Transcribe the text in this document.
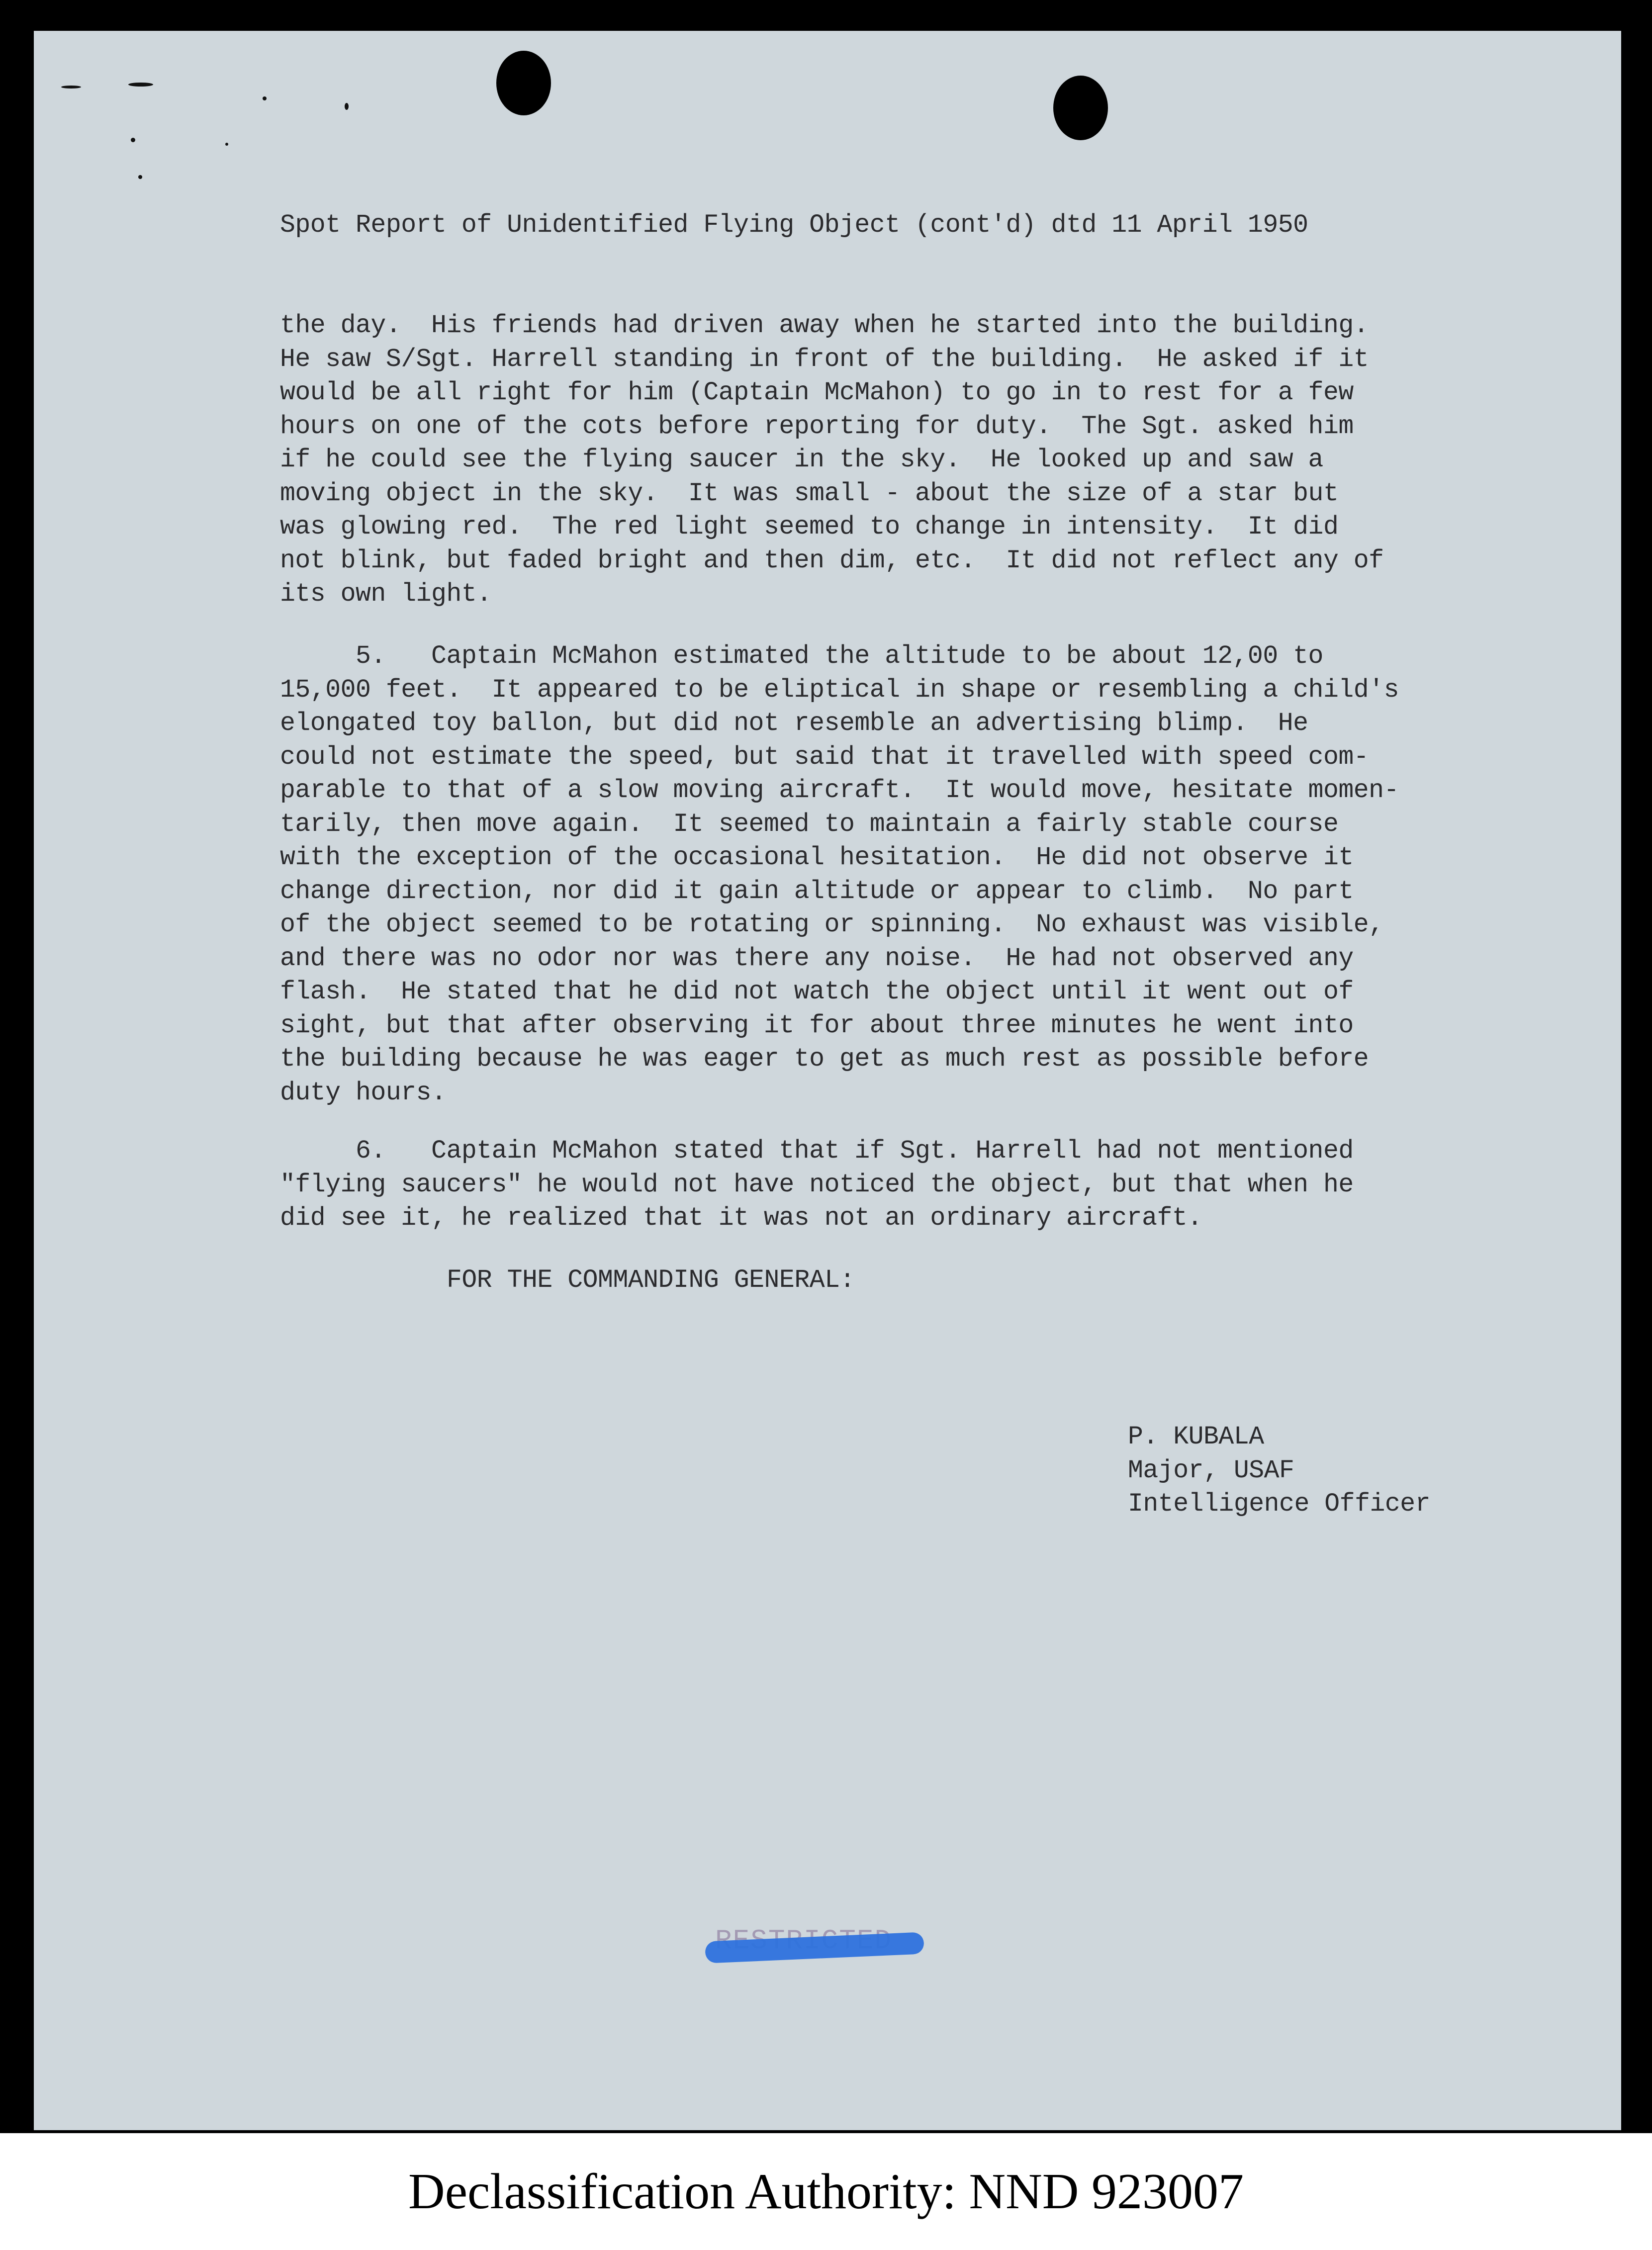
Spot Report of Unidentified Flying Object (cont'd) dtd 11 April 1950

the day.  His friends had driven away when he started into the building.
He saw S/Sgt. Harrell standing in front of the building.  He asked if it
would be all right for him (Captain McMahon) to go in to rest for a few
hours on one of the cots before reporting for duty.  The Sgt. asked him
if he could see the flying saucer in the sky.  He looked up and saw a
moving object in the sky.  It was small - about the size of a star but
was glowing red.  The red light seemed to change in intensity.  It did
not blink, but faded bright and then dim, etc.  It did not reflect any of
its own light.

5.   Captain McMahon estimated the altitude to be about 12,00 to
15,000 feet.  It appeared to be eliptical in shape or resembling a child's
elongated toy ballon, but did not resemble an advertising blimp.  He
could not estimate the speed, but said that it travelled with speed com-
parable to that of a slow moving aircraft.  It would move, hesitate momen-
tarily, then move again.  It seemed to maintain a fairly stable course
with the exception of the occasional hesitation.  He did not observe it
change direction, nor did it gain altitude or appear to climb.  No part
of the object seemed to be rotating or spinning.  No exhaust was visible,
and there was no odor nor was there any noise.  He had not observed any
flash.  He stated that he did not watch the object until it went out of
sight, but that after observing it for about three minutes he went into
the building because he was eager to get as much rest as possible before
duty hours.

6.   Captain McMahon stated that if Sgt. Harrell had not mentioned
"flying saucers" he would not have noticed the object, but that when he
did see it, he realized that it was not an ordinary aircraft.

FOR THE COMMANDING GENERAL:

P. KUBALA
Major, USAF
Intelligence Officer

Declassification Authority: NND 923007
